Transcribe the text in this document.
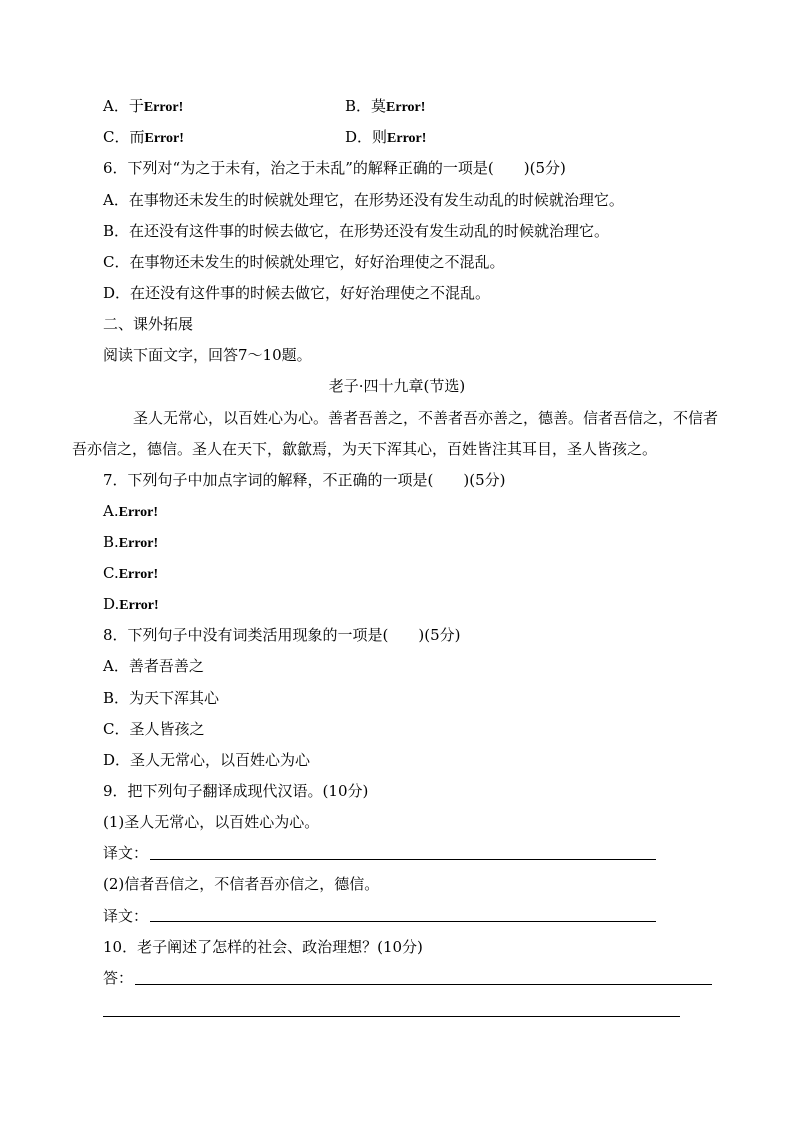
A．于Error!	B．莫Error!
C．而Error!	D．则Error!
6．下列对“为之于未有，治之于未乱”的解释正确的一项是(　　)(5分)
A．在事物还未发生的时候就处理它，在形势还没有发生动乱的时候就治理它。
B．在还没有这件事的时候去做它，在形势还没有发生动乱的时候就治理它。
C．在事物还未发生的时候就处理它，好好治理使之不混乱。
D．在还没有这件事的时候去做它，好好治理使之不混乱。
二、课外拓展
阅读下面文字，回答7～10题。
老子·四十九章(节选)
圣人无常心，以百姓心为心。善者吾善之，不善者吾亦善之，德善。信者吾信之，不信者
吾亦信之，德信。圣人在天下，歙歙焉，为天下浑其心，百姓皆注其耳目，圣人皆孩之。
7．下列句子中加点字词的解释，不正确的一项是(　　)(5分)
A.Error!
B.Error!
C.Error!
D.Error!
8．下列句子中没有词类活用现象的一项是(　　)(5分)
A．善者吾善之
B．为天下浑其心
C．圣人皆孩之
D．圣人无常心，以百姓心为心
9．把下列句子翻译成现代汉语。(10分)
(1)圣人无常心，以百姓心为心。
译文：
(2)信者吾信之，不信者吾亦信之，德信。
译文：
10．老子阐述了怎样的社会、政治理想？(10分)
答：
